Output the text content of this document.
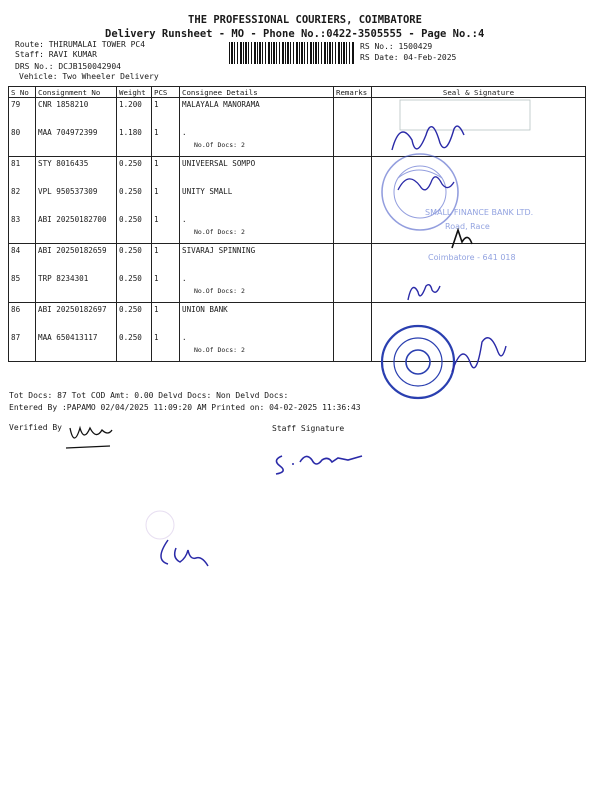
THE PROFESSIONAL COURIERS, COIMBATORE
Delivery Runsheet - MO - Phone No.:0422-3505555 - Page No.:4
Route: THIRUMALAI TOWER PC4
Staff: RAVI KUMAR
DRS No.: DCJB150042904
Vehicle: Two Wheeler Delivery
RS No.: 1500429
RS Date: 04-Feb-2025
S No	Consignment No	Weight	PCS	Consignee Details	Remarks	Seal & Signature
79	CNR 1858210	1.200	1	MALAYALA MANORAMA		
80	MAA 704972399	1.180	1	.
No.Of Docs: 2		

81	STY 8016435	0.250	1	UNIVEERSAL SOMPO		
82	VPL 950537309	0.250	1	UNITY SMALL		
83	ABI 20250182700	0.250	1	.
No.Of Docs: 2		

84	ABI 20250182659	0.250	1	SIVARAJ SPINNING		
85	TRP 8234301	0.250	1	.
No.Of Docs: 2		

86	ABI 20250182697	0.250	1	UNION BANK		
87	MAA 650413117	0.250	1	.
No.Of Docs: 2		

Tot Docs: 87 Tot COD Amt: 0.00 Delvd Docs: Non Delvd Docs:
Entered By :PAPAMO 02/04/2025 11:09:20 AM Printed on: 04-02-2025 11:36:43
Verified By	Staff Signature
SMALL FINANCE BANK LTD.
Road, Race
Coimbatore - 641 018
